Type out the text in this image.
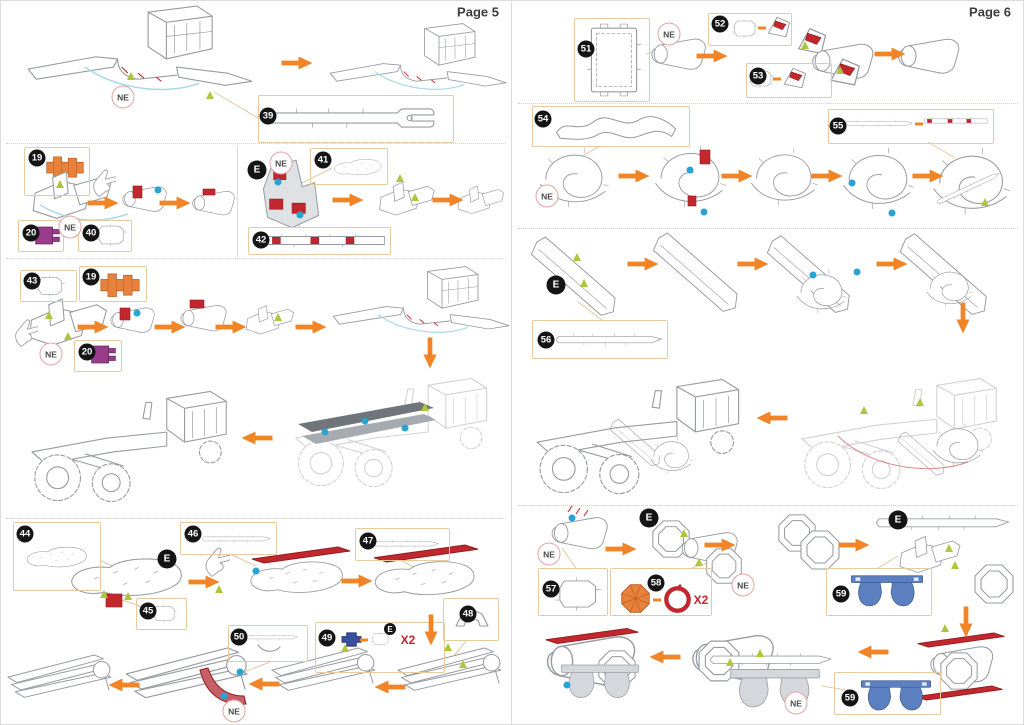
Page 5	Page 6
39
19
20	40
E
41
42
43	19
20
44
E
45
46
47
48
49
E
50
51
52
53
54
55
E
56
57
E
58
59
E
59
NE
NE
NE
NE
NE
NE
NE
NE
NE
NE
X2
X2
